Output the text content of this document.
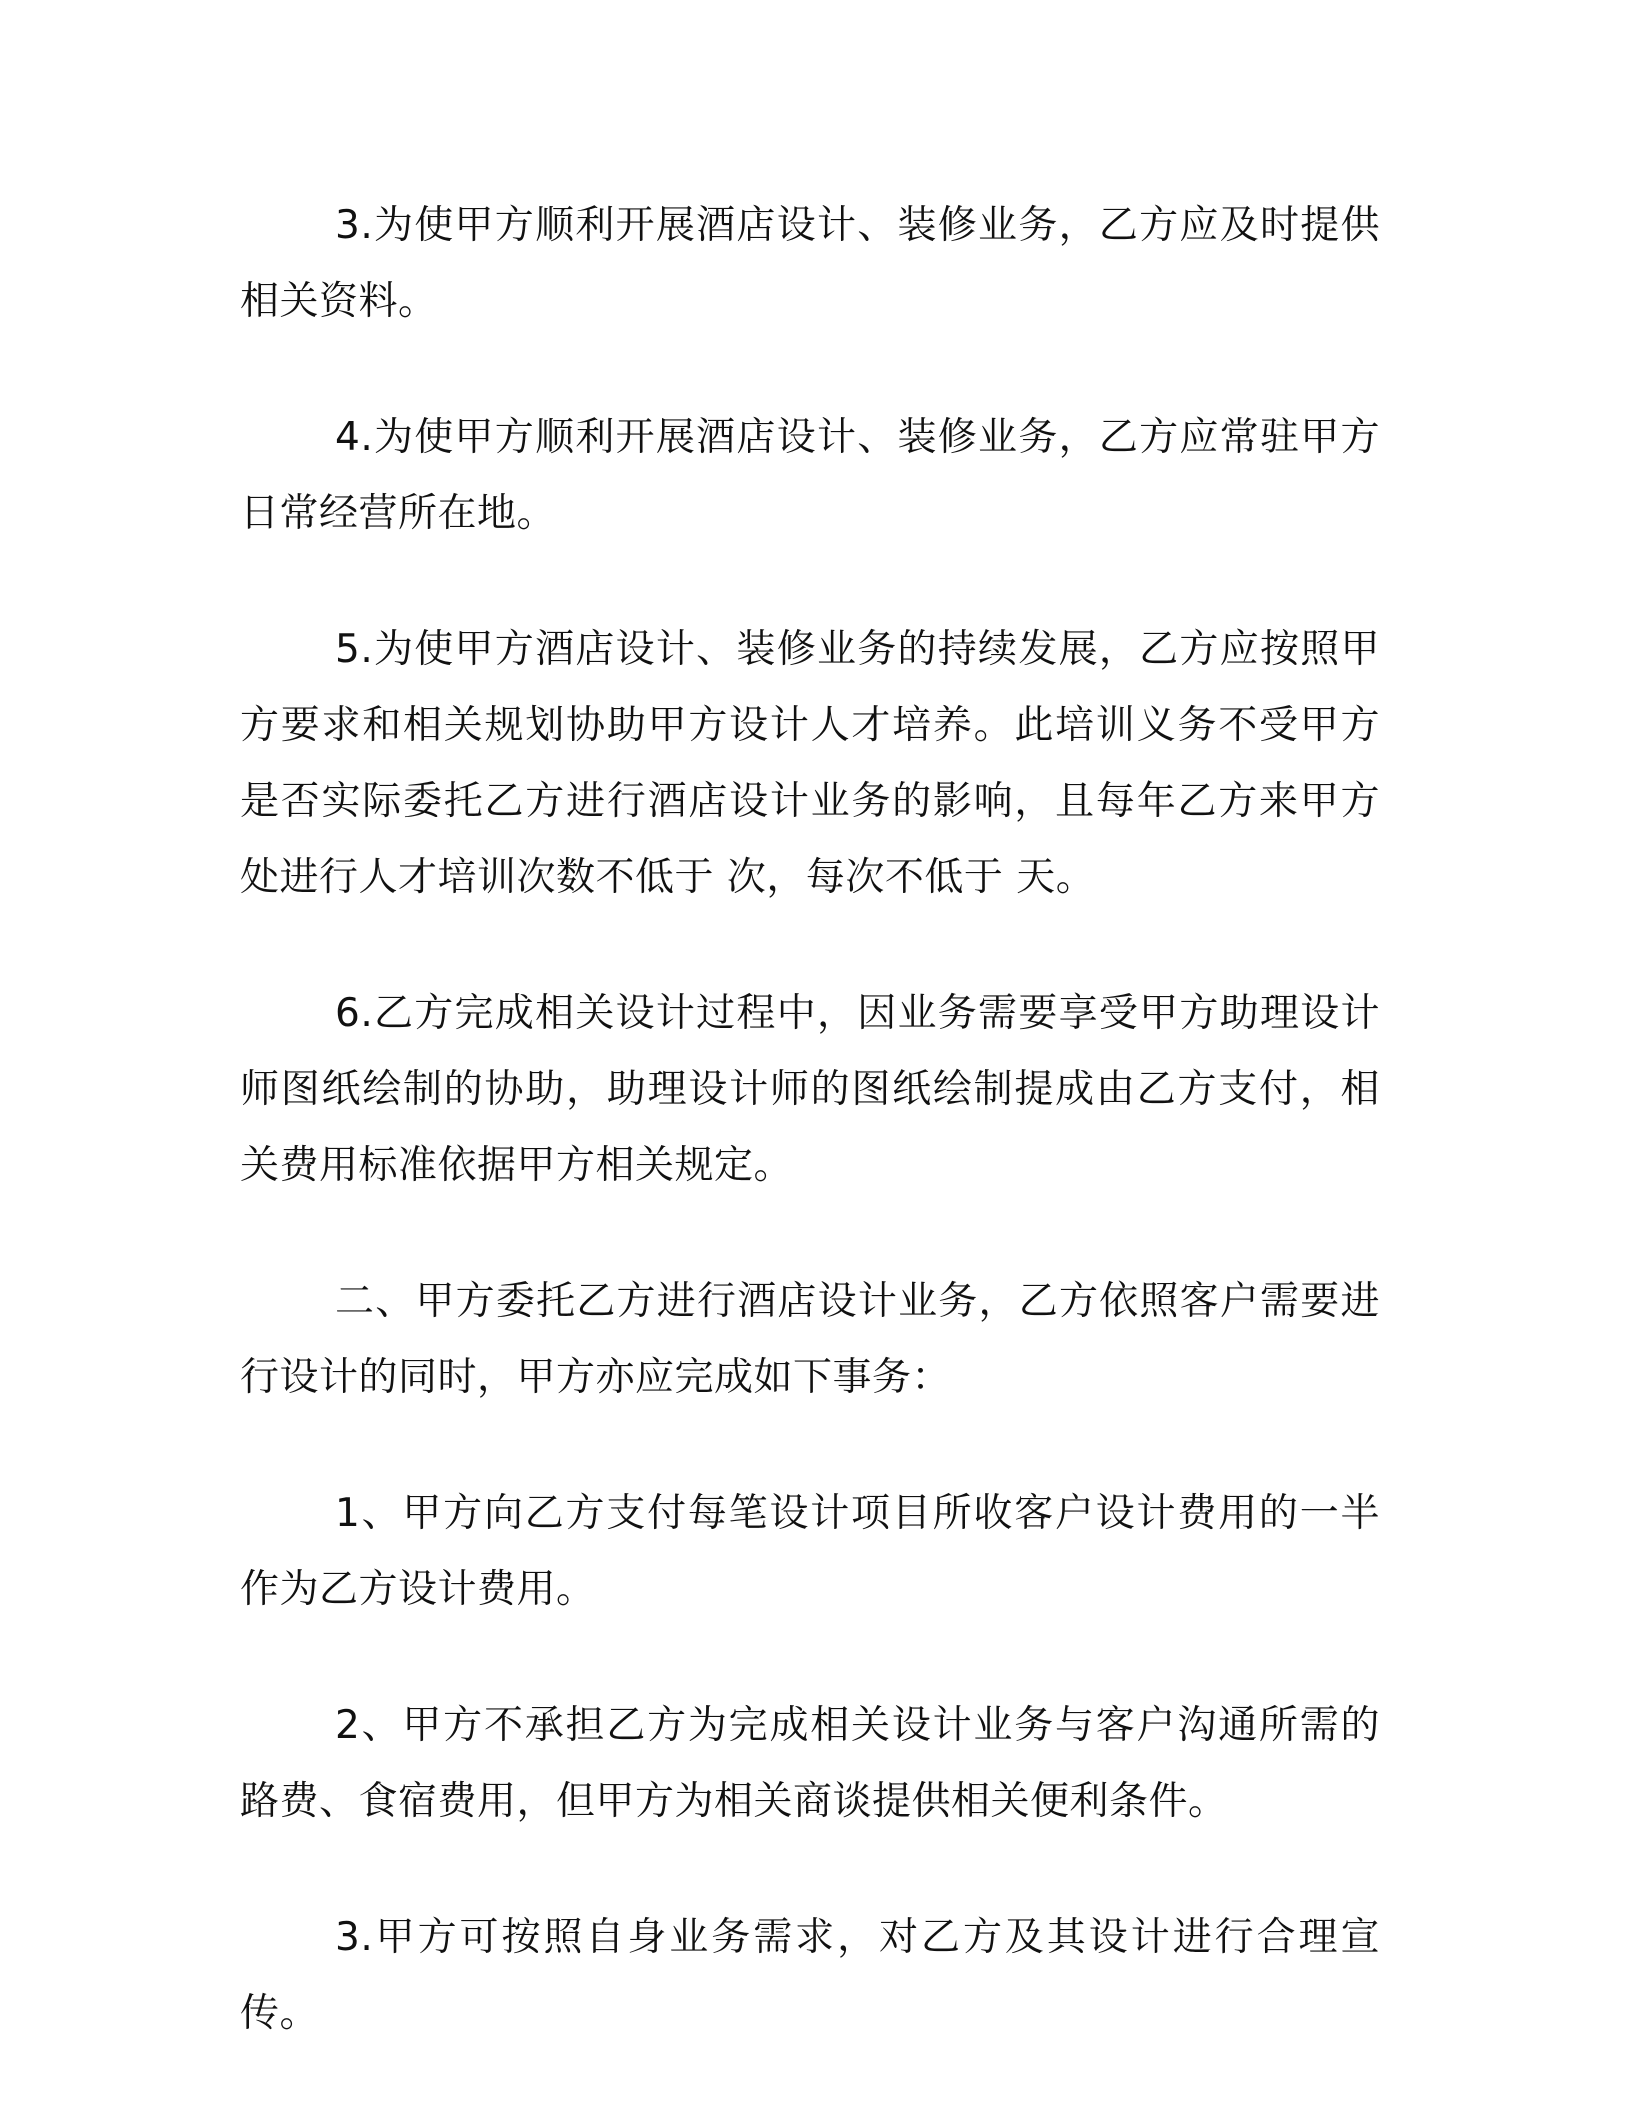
3.为使甲方顺利开展酒店设计、装修业务，乙方应及时提供相关资料。

4.为使甲方顺利开展酒店设计、装修业务，乙方应常驻甲方日常经营所在地。

5.为使甲方酒店设计、装修业务的持续发展，乙方应按照甲方要求和相关规划协助甲方设计人才培养。此培训义务不受甲方是否实际委托乙方进行酒店设计业务的影响，且每年乙方来甲方处进行人才培训次数不低于 次，每次不低于 天。

6.乙方完成相关设计过程中，因业务需要享受甲方助理设计师图纸绘制的协助，助理设计师的图纸绘制提成由乙方支付，相关费用标准依据甲方相关规定。

二、甲方委托乙方进行酒店设计业务，乙方依照客户需要进行设计的同时，甲方亦应完成如下事务：

1、甲方向乙方支付每笔设计项目所收客户设计费用的一半作为乙方设计费用。

2、甲方不承担乙方为完成相关设计业务与客户沟通所需的路费、食宿费用，但甲方为相关商谈提供相关便利条件。

3.甲方可按照自身业务需求，对乙方及其设计进行合理宣传。
